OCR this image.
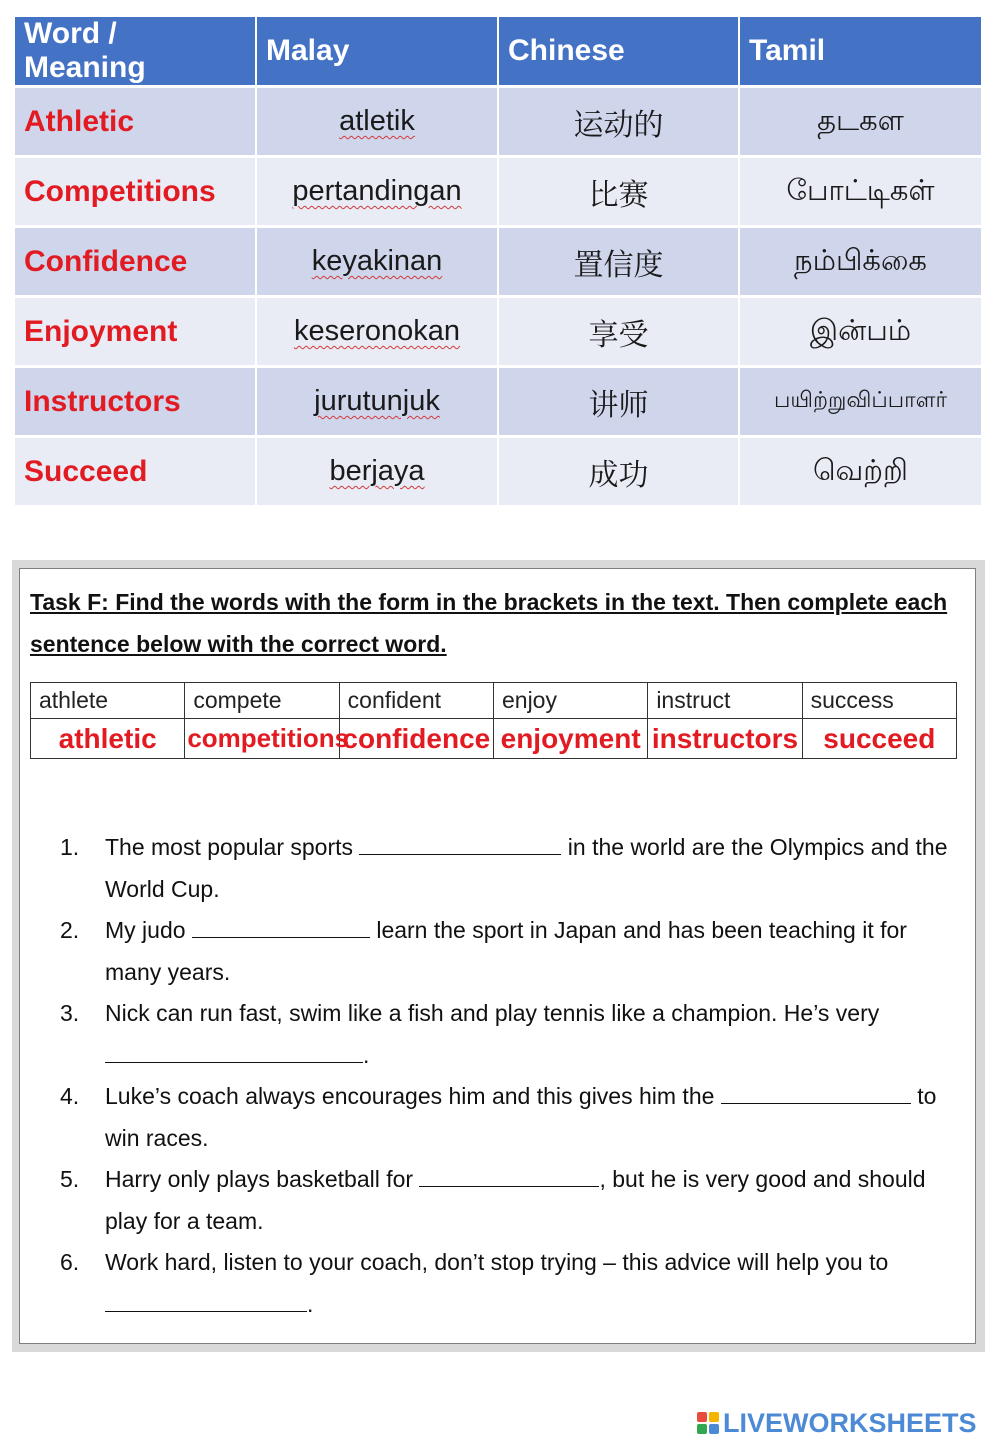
Word / Meaning	Malay	Chinese	Tamil
Athletic	atletik	运动的	தடகள
Competitions	pertandingan	比赛	போட்டிகள்
Confidence	keyakinan	置信度	நம்பிக்கை
Enjoyment	keseronokan	享受	இன்பம்
Instructors	jurutunjuk	讲师	பயிற்றுவிப்பாளர்
Succeed	berjaya	成功	வெற்றி

Task F: Find the words with the form in the brackets in the text. Then complete each sentence below with the correct word.

athlete	compete	confident	enjoy	instruct	success
athletic	competitions	confidence	enjoyment	instructors	succeed
1. The most popular sports	in the world are the Olympics and the World Cup.
2. My judo	learn the sport in Japan and has been teaching it for many years.
3. Nick can run fast, swim like a fish and play tennis like a champion. He’s very
.
4. Luke’s coach always encourages him and this gives him the	to win races.
5. Harry only plays basketball for	, but he is very good and should play for a team.
6. Work hard, listen to your coach, don’t stop trying – this advice will help you to
.
LIVEWORKSHEETS
